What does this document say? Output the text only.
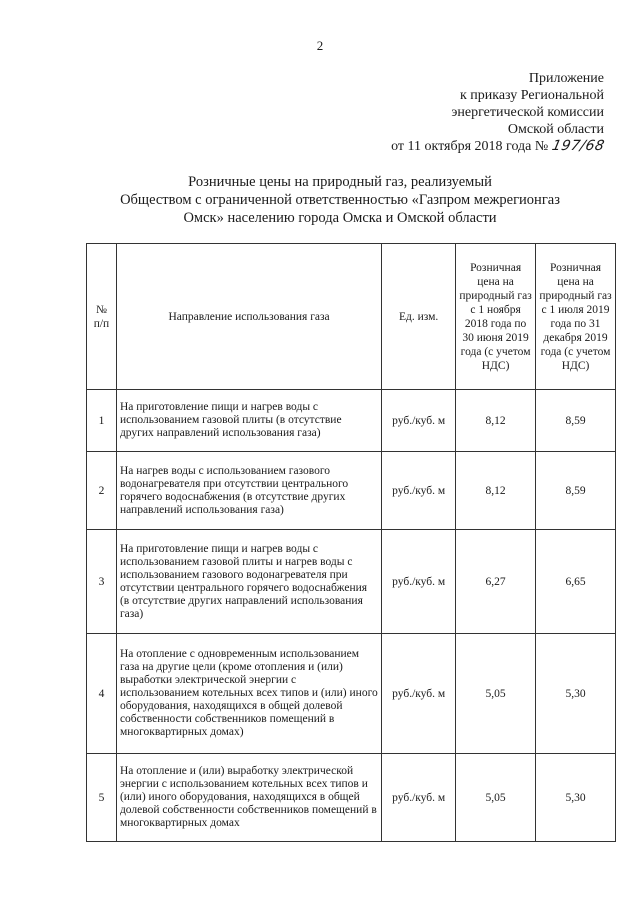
2
Приложение
к приказу Региональной
энергетической комиссии
Омской области
от 11 октября 2018 года № 197/68
Розничные цены на природный газ, реализуемый
Обществом с ограниченной ответственностью «Газпром межрегионгаз
Омск» населению города Омска и Омской области
№ п/п	Направление использования газа	Ед. изм.	Розничная цена на природный газ с 1 ноября 2018 года по 30 июня 2019 года (с учетом НДС)	Розничная цена на природный газ с 1 июля 2019 года по 31 декабря 2019 года (с учетом НДС)
1	На приготовление пищи и нагрев воды с использованием газовой плиты (в отсутствие других направлений использования газа)	руб./куб. м	8,12	8,59
2	На нагрев воды с использованием газового водонагревателя при отсутствии центрального горячего водоснабжения (в отсутствие других направлений использования газа)	руб./куб. м	8,12	8,59
3	На приготовление пищи и нагрев воды с использованием газовой плиты и нагрев воды с использованием газового водонагревателя при отсутствии центрального горячего водоснабжения (в отсутствие других направлений использования газа)	руб./куб. м	6,27	6,65
4	На отопление с одновременным использованием газа на другие цели (кроме отопления и (или) выработки электрической энергии с использованием котельных всех типов и (или) иного оборудования, находящихся в общей долевой собственности собственников помещений в многоквартирных домах)	руб./куб. м	5,05	5,30
5	На отопление и (или) выработку электрической энергии с использованием котельных всех типов и (или) иного оборудования, находящихся в общей долевой собственности собственников помещений в многоквартирных домах	руб./куб. м	5,05	5,30
